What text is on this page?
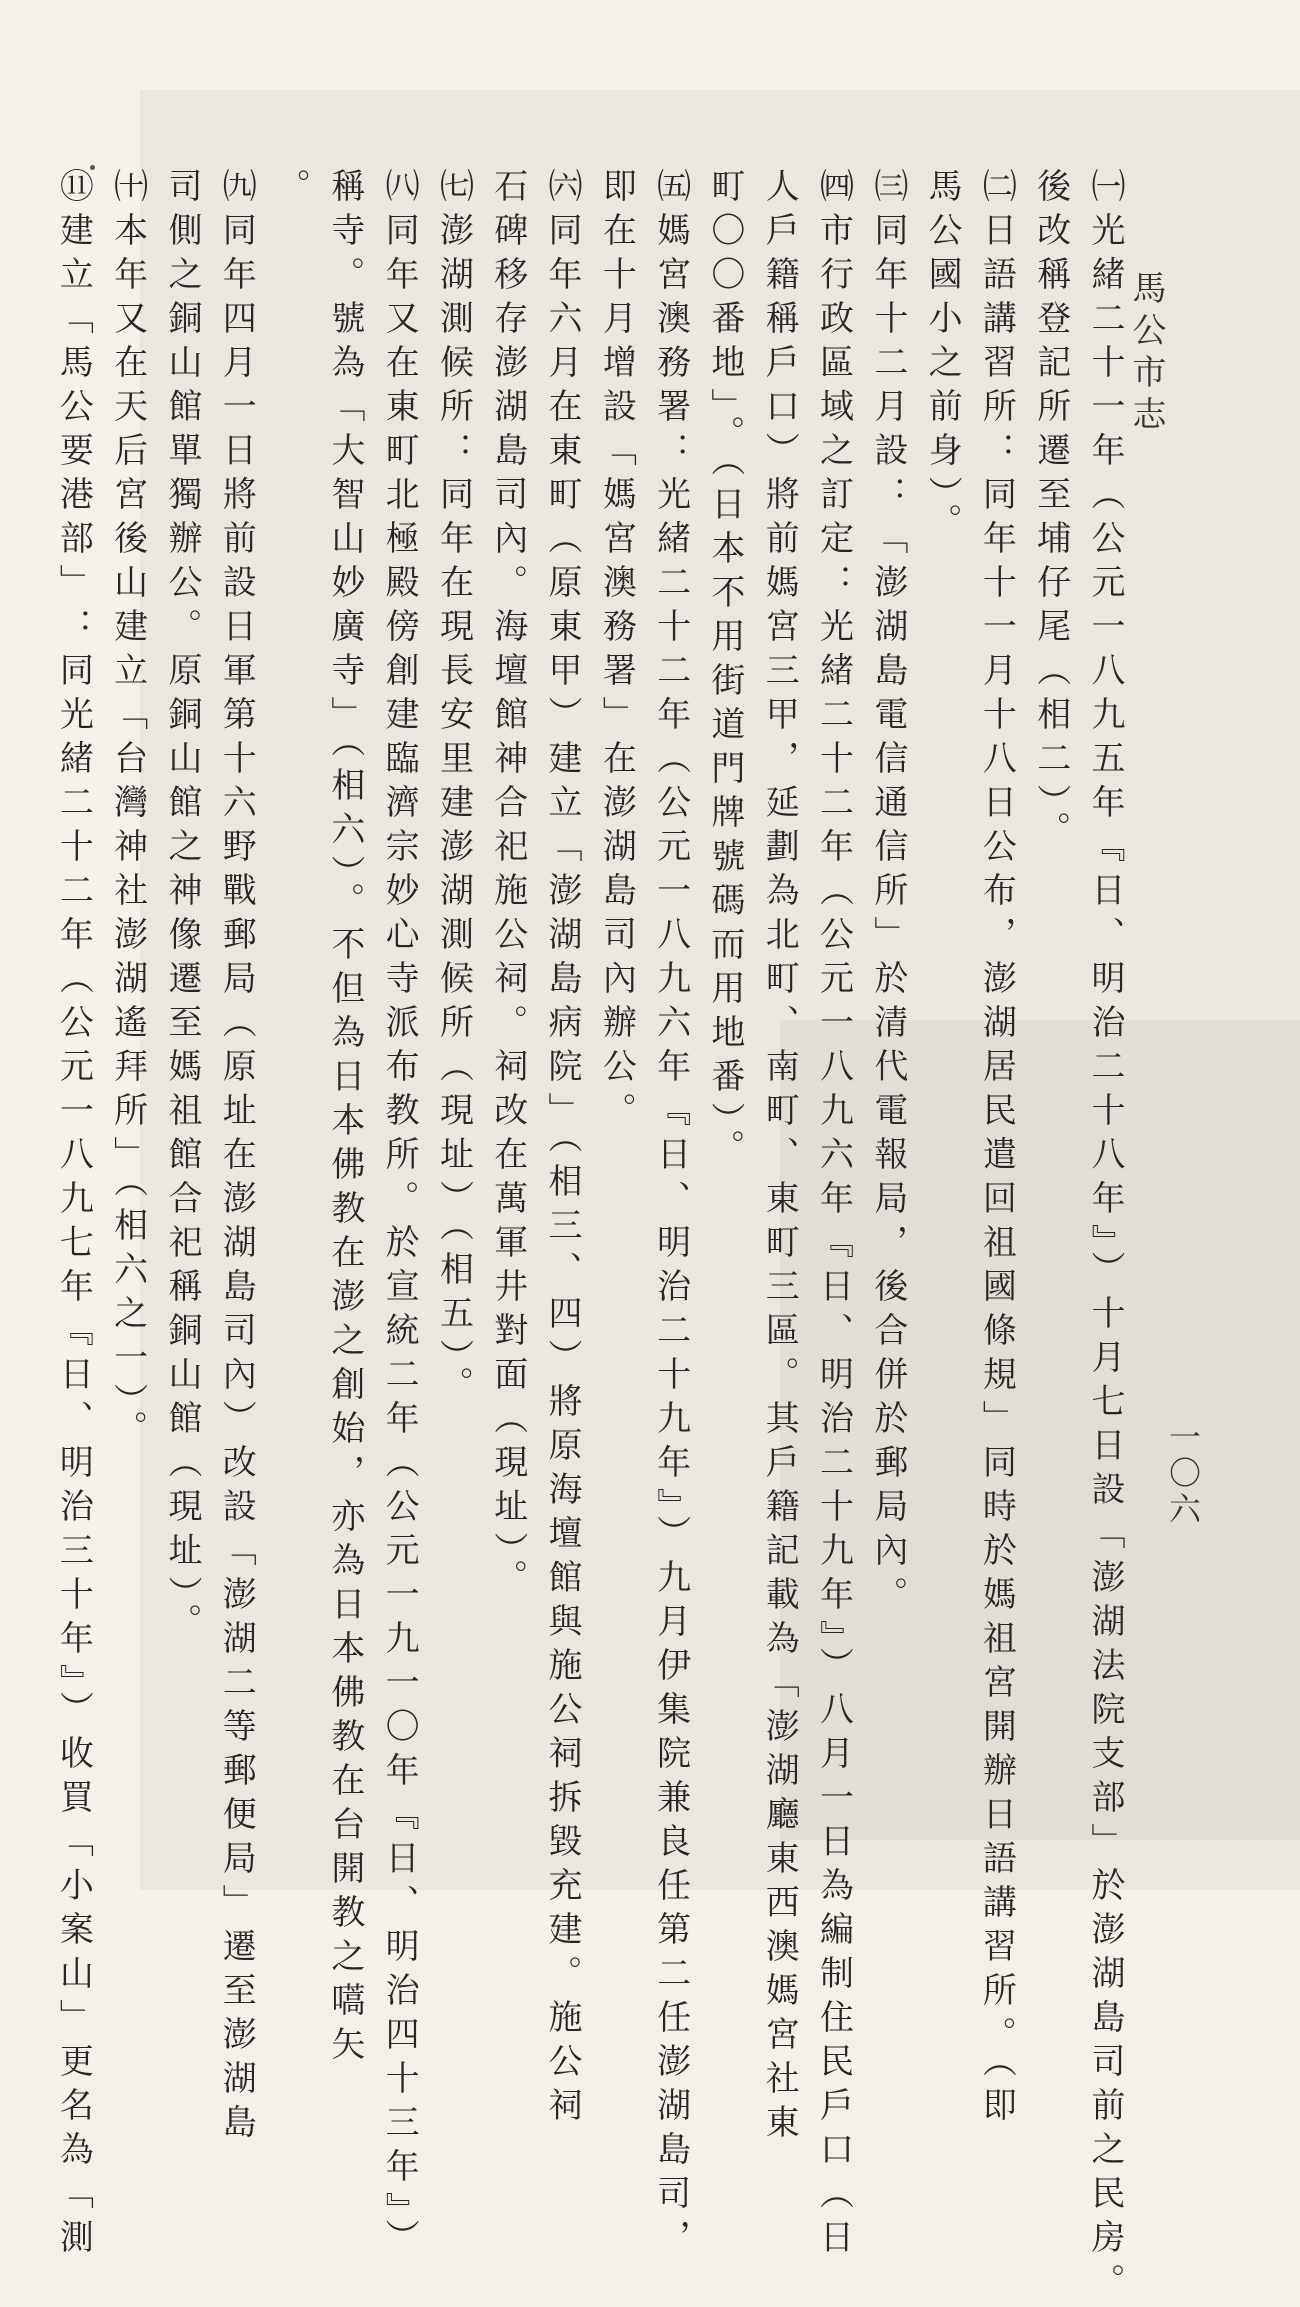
馬公市志
一〇六
㈠光緒二十一年（公元一八九五年『日、明治二十八年』）十月七日設「澎湖法院支部」於澎湖島司前之民房。
後改稱登記所遷至埔仔尾（相二）。
㈡日語講習所：同年十一月十八日公布，澎湖居民遣回祖國條規」同時於媽祖宮開辦日語講習所。（即
馬公國小之前身）。
㈢同年十二月設：「澎湖島電信通信所」於清代電報局，後合併於郵局內。
㈣市行政區域之訂定：光緒二十二年（公元一八九六年『日、明治二十九年』）八月一日為編制住民戶口（日
人戶籍稱戶口）將前媽宮三甲，延劃為北町、南町、東町三區。其戶籍記載為「澎湖廳東西澳媽宮社東
町〇〇番地」。（日本不用街道門牌號碼而用地番）。
㈤媽宮澳務署：光緒二十二年（公元一八九六年『日、明治二十九年』）九月伊集院兼良任第二任澎湖島司，
即在十月增設「媽宮澳務署」在澎湖島司內辦公。
㈥同年六月在東町（原東甲）建立「澎湖島病院」（相三、四）將原海壇館與施公祠拆毀充建。施公祠
石碑移存澎湖島司內。海壇館神合祀施公祠。祠改在萬軍井對面（現址）。
㈦澎湖測候所：同年在現長安里建澎湖測候所（現址）（相五）。
㈧同年又在東町北極殿傍創建臨濟宗妙心寺派布教所。於宣統二年（公元一九一〇年『日、明治四十三年』）
稱寺。號為「大智山妙廣寺」（相六）。不但為日本佛教在澎之創始，亦為日本佛教在台開教之嚆矢
。
㈨同年四月一日將前設日軍第十六野戰郵局（原址在澎湖島司內）改設「澎湖二等郵便局」遷至澎湖島
司側之銅山館單獨辦公。原銅山館之神像遷至媽祖館合祀稱銅山館（現址）。
㈩本年又在天后宮後山建立「台灣神社澎湖遙拜所」（相六之一）。
⑪建立「馬公要港部」：同光緒二十二年（公元一八九七年『日、明治三十年』）收買「小案山」更名為「測
